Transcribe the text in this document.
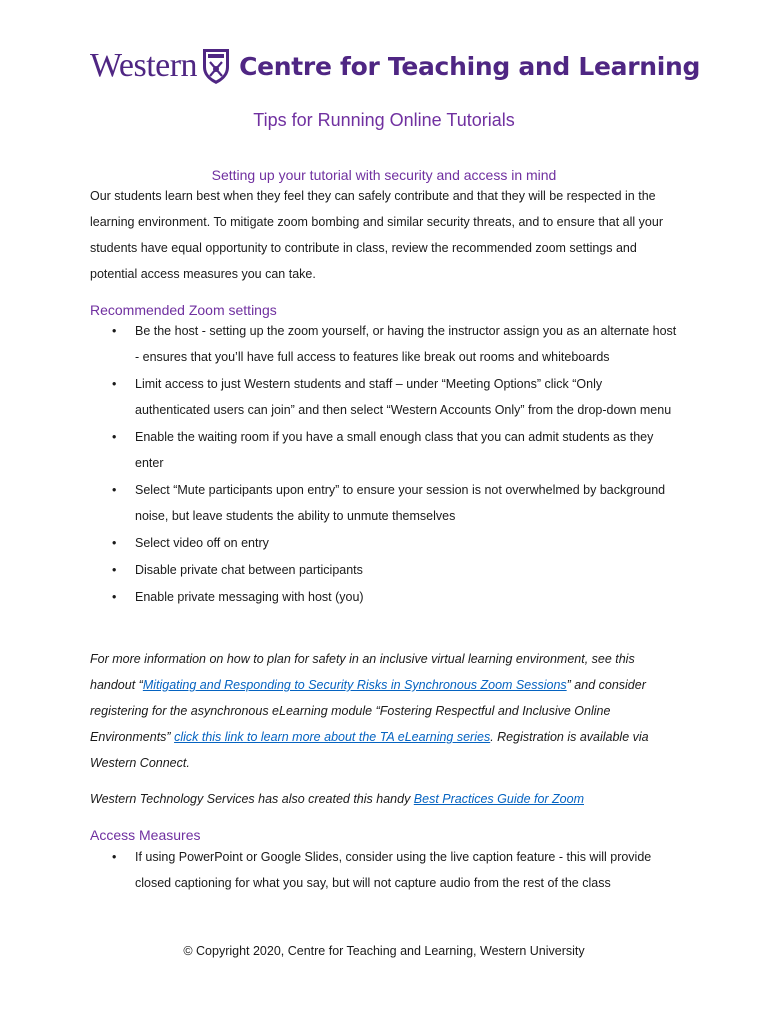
Western Centre for Teaching and Learning
Tips for Running Online Tutorials
Setting up your tutorial with security and access in mind
Our students learn best when they feel they can safely contribute and that they will be respected in the learning environment. To mitigate zoom bombing and similar security threats, and to ensure that all your students have equal opportunity to contribute in class, review the recommended zoom settings and potential access measures you can take.
Recommended Zoom settings
• Be the host - setting up the zoom yourself, or having the instructor assign you as an alternate host - ensures that you’ll have full access to features like break out rooms and whiteboards
• Limit access to just Western students and staff – under “Meeting Options” click “Only authenticated users can join” and then select “Western Accounts Only” from the drop-down menu
• Enable the waiting room if you have a small enough class that you can admit students as they enter
• Select “Mute participants upon entry” to ensure your session is not overwhelmed by background noise, but leave students the ability to unmute themselves
• Select video off on entry
• Disable private chat between participants
• Enable private messaging with host (you)
For more information on how to plan for safety in an inclusive virtual learning environment, see this handout “Mitigating and Responding to Security Risks in Synchronous Zoom Sessions” and consider registering for the asynchronous eLearning module “Fostering Respectful and Inclusive Online Environments” click this link to learn more about the TA eLearning series. Registration is available via Western Connect.
Western Technology Services has also created this handy Best Practices Guide for Zoom
Access Measures
• If using PowerPoint or Google Slides, consider using the live caption feature - this will provide closed captioning for what you say, but will not capture audio from the rest of the class
© Copyright 2020, Centre for Teaching and Learning, Western University
